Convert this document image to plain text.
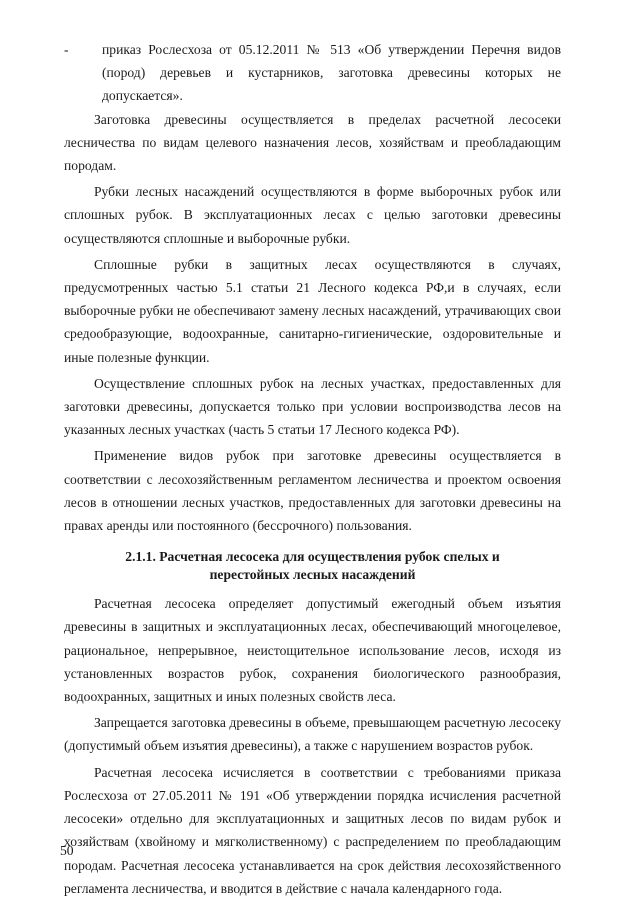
- приказ Рослесхоза от 05.12.2011 № 513 «Об утверждении Перечня видов (пород) деревьев и кустарников, заготовка древесины которых не допускается».

Заготовка древесины осуществляется в пределах расчетной лесосеки лесничества по видам целевого назначения лесов, хозяйствам и преобладающим породам.

Рубки лесных насаждений осуществляются в форме выборочных рубок или сплошных рубок. В эксплуатационных лесах с целью заготовки древесины осуществляются сплошные и выборочные рубки.

Сплошные рубки в защитных лесах осуществляются в случаях, предусмотренных частью 5.1 статьи 21 Лесного кодекса РФ,и в случаях, если выборочные рубки не обеспечивают замену лесных насаждений, утрачивающих свои средообразующие, водоохранные, санитарно-гигиенические, оздоровительные и иные полезные функции.

Осуществление сплошных рубок на лесных участках, предоставленных для заготовки древесины, допускается только при условии воспроизводства лесов на указанных лесных участках (часть 5 статьи 17 Лесного кодекса РФ).

Применение видов рубок при заготовке древесины осуществляется в соответствии с лесохозяйственным регламентом лесничества и проектом освоения лесов в отношении лесных участков, предоставленных для заготовки древесины на правах аренды или постоянного (бессрочного) пользования.

2.1.1. Расчетная лесосека для осуществления рубок спелых и перестойных лесных насаждений

Расчетная лесосека определяет допустимый ежегодный объем изъятия древесины в защитных и эксплуатационных лесах, обеспечивающий многоцелевое, рациональное, непрерывное, неистощительное использование лесов, исходя из установленных возрастов рубок, сохранения биологического разнообразия, водоохранных, защитных и иных полезных свойств леса.

Запрещается заготовка древесины в объеме, превышающем расчетную лесосеку (допустимый объем изъятия древесины), а также с нарушением возрастов рубок.

Расчетная лесосека исчисляется в соответствии с требованиями приказа Рослесхоза от 27.05.2011 № 191 «Об утверждении порядка исчисления расчетной лесосеки» отдельно для эксплуатационных и защитных лесов по видам рубок и хозяйствам (хвойному и мягколиственному) с распределением по преобладающим породам. Расчетная лесосека устанавливается на срок действия лесохозяйственного регламента лесничества, и вводится в действие с начала календарного года.

50
